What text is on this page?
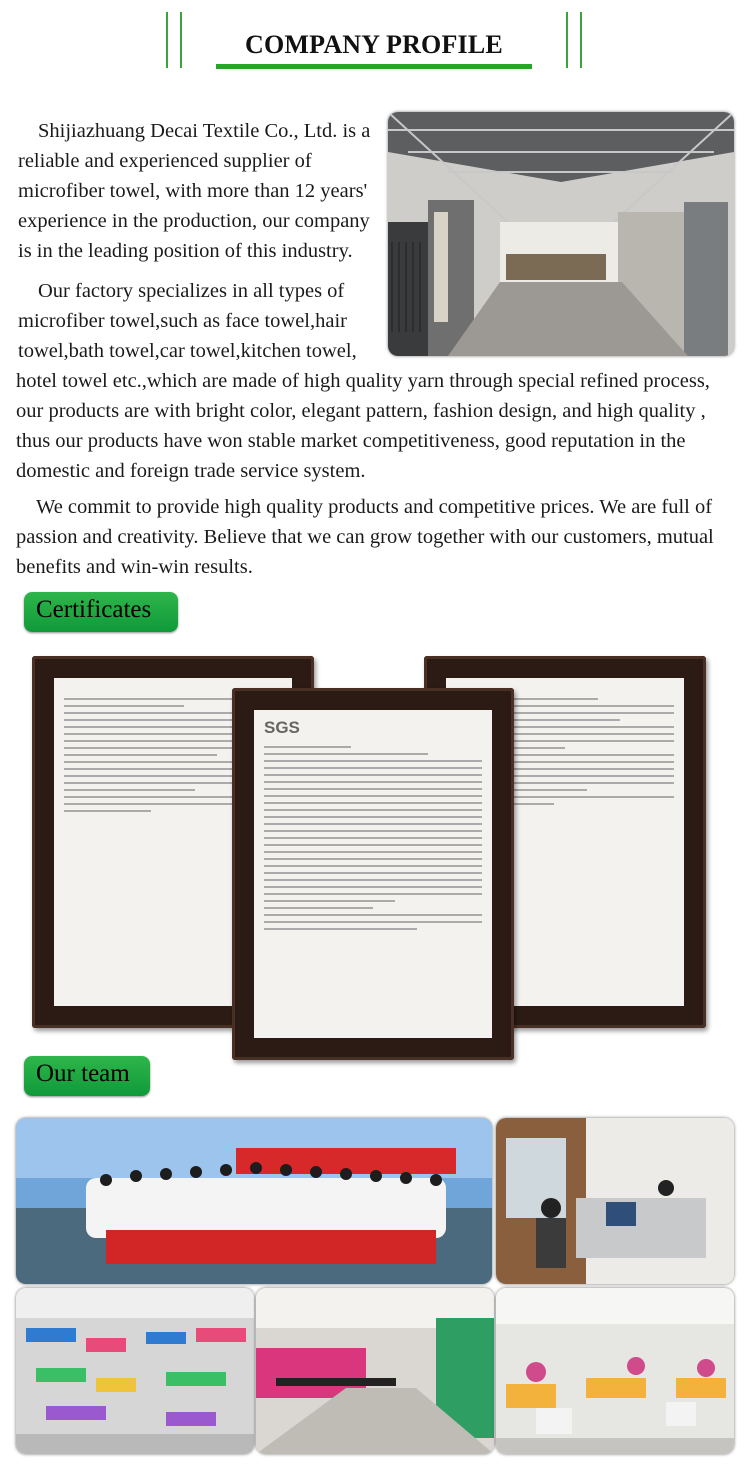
COMPANY PROFILE

Shijiazhuang Decai Textile Co., Ltd. is a reliable and experienced supplier of microfiber towel, with more than 12 years' experience in the production, our company is in the leading position of this industry.

Our factory specializes in all types of microfiber towel,such as face towel,hair towel,bath towel,car towel,kitchen towel,

hotel towel etc.,which are made of high quality yarn through special refined process, our products are with bright color, elegant pattern, fashion design, and high quality , thus our products have won stable market competitiveness, good reputation in the domestic and foreign trade service system.

We commit to provide high quality products and competitive prices. We are full of passion and creativity. Believe that we can grow together with our customers, mutual benefits and win-win results.

Certificates
SGS
Our team
